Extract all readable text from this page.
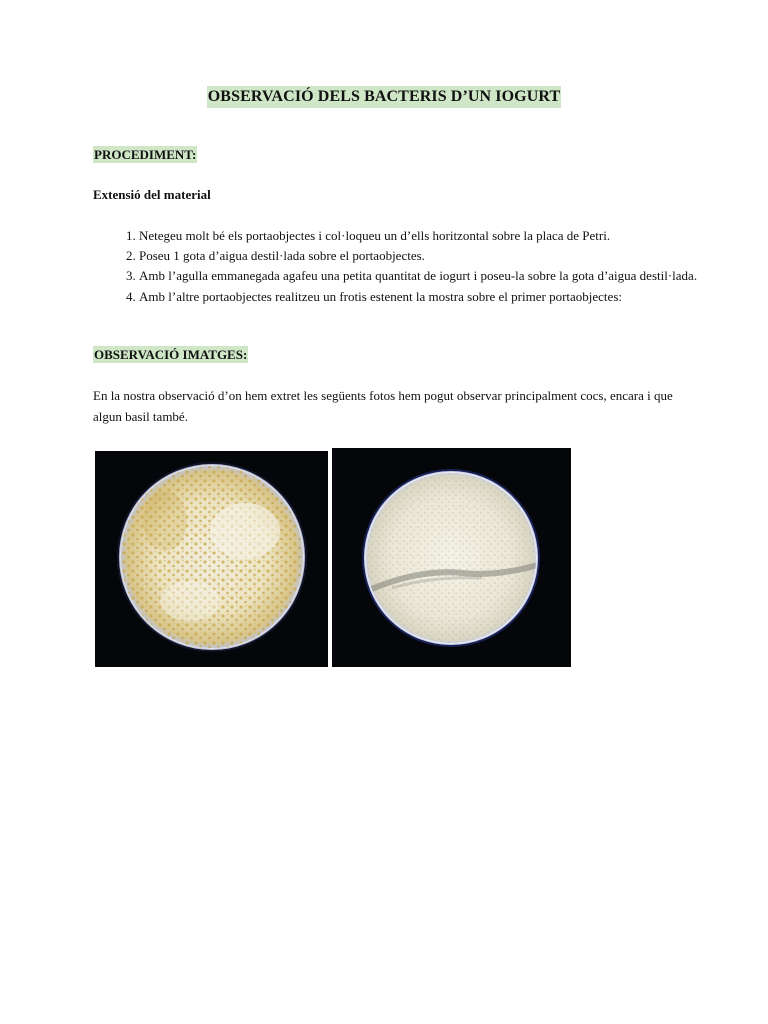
OBSERVACIÓ DELS BACTERIS D’UN IOGURT
PROCEDIMENT:
Extensió del material
1. Netegeu molt bé els portaobjectes i col·loqueu un d’ells horitzontal sobre la placa de Petri.
2. Poseu 1 gota d’aigua destil·lada sobre el portaobjectes.
3. Amb l’agulla emmanegada agafeu una petita quantitat de iogurt i poseu-la sobre la gota d’aigua destil·lada.
4. Amb l’altre portaobjectes realitzeu un frotis estenent la mostra sobre el primer portaobjectes:
OBSERVACIÓ IMATGES:

En la nostra observació d’on hem extret les següents fotos hem pogut observar principalment cocs, encara i que algun basil també.
